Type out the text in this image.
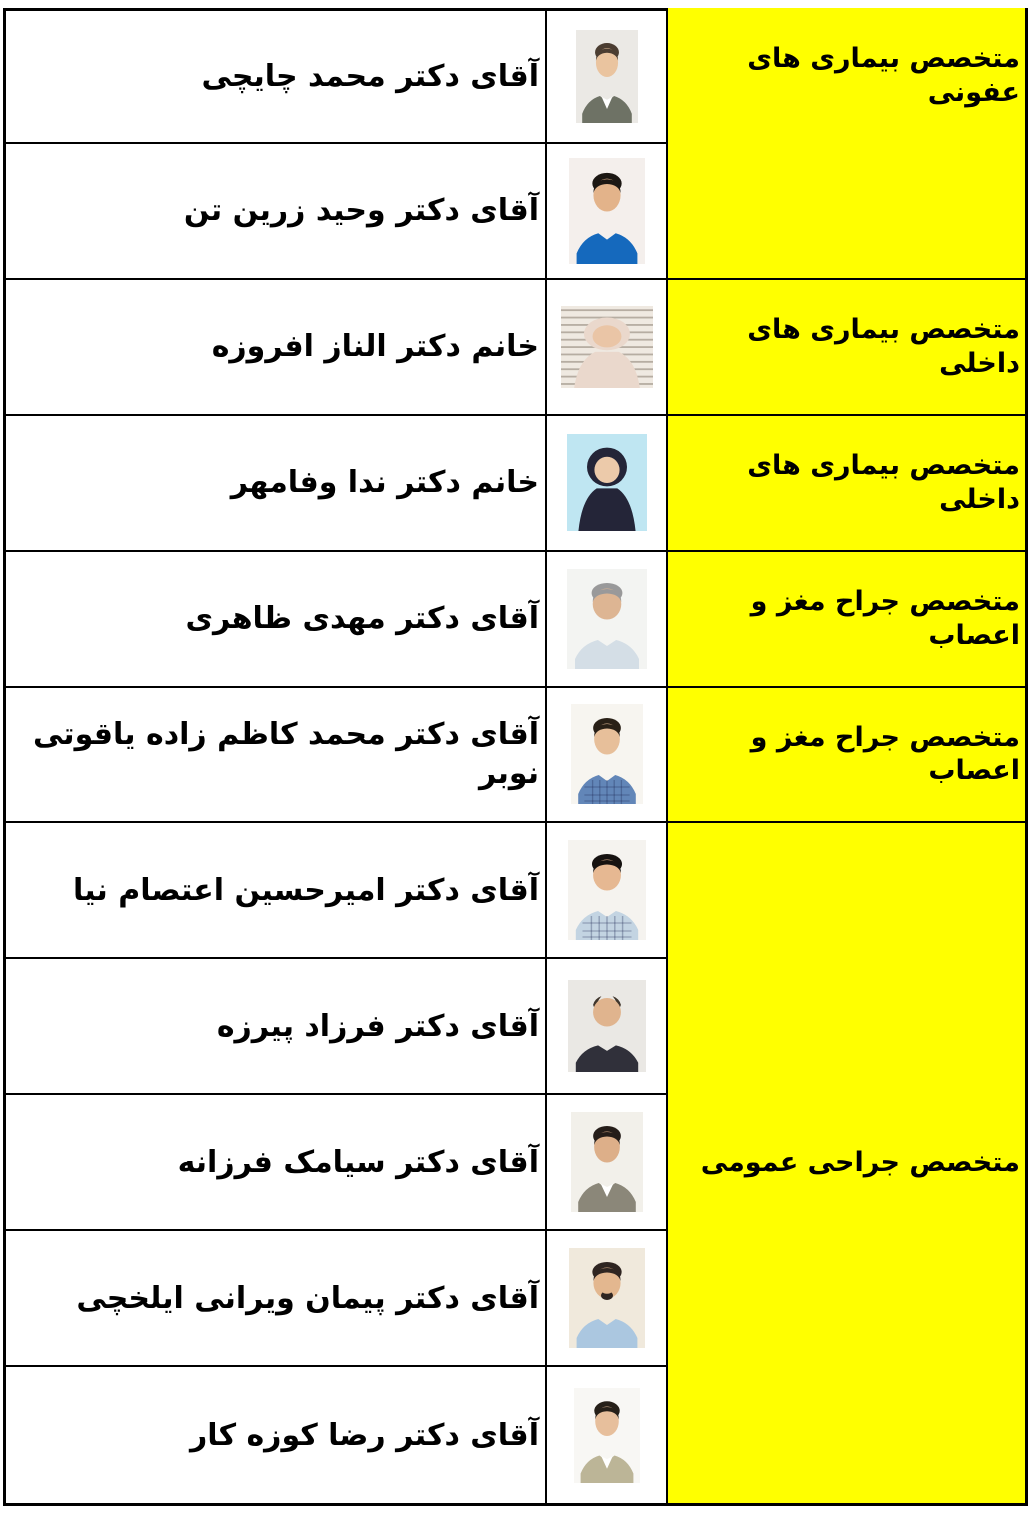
آقای دکتر محمد چایچی
آقای دکتر وحید زرین تن
خانم دکتر الناز افروزه
خانم دکتر ندا وفامهر
آقای دکتر مهدی ظاهری
آقای دکتر محمد کاظم زاده یاقوتی نوبر
آقای دکتر امیرحسین اعتصام نیا
آقای دکتر فرزاد پیرزه
آقای دکتر سیامک فرزانه
آقای دکتر پیمان ویرانی ایلخچی
آقای دکتر رضا کوزه کار
متخصص بیماری های عفونی
متخصص بیماری های داخلی
متخصص بیماری های داخلی
متخصص جراح مغز و اعصاب
متخصص جراح مغز و اعصاب
متخصص جراحی عمومی
